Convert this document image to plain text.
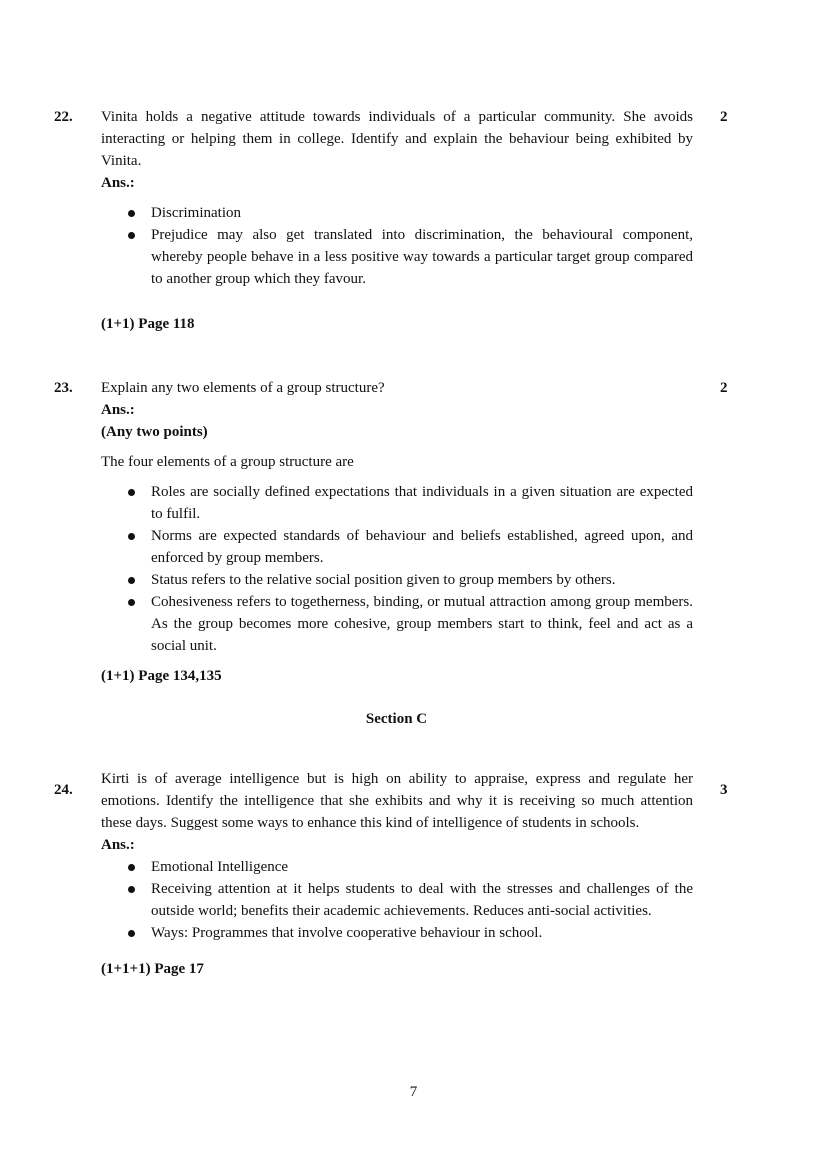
22.	2

Vinita holds a negative attitude towards individuals of a particular community. She avoids interacting or helping them in college. Identify and explain the behaviour being exhibited by Vinita.

Ans.:

Discrimination
Prejudice may also get translated into discrimination, the behavioural component, whereby people behave in a less positive way towards a particular target group compared to another group which they favour.

(1+1) Page 118

23.	2

Explain any two elements of a group structure?

Ans.:

(Any two points)

The four elements of a group structure are

Roles are socially defined expectations that individuals in a given situation are expected to fulfil.
Norms are expected standards of behaviour and beliefs established, agreed upon, and enforced by group members.
Status refers to the relative social position given to group members by others.
Cohesiveness refers to togetherness, binding, or mutual attraction among group members. As the group becomes more cohesive, group members start to think, feel and act as a social unit.

(1+1) Page 134,135

Section C
24.	3

Kirti is of average intelligence but is high on ability to appraise, express and regulate her emotions. Identify the intelligence that she exhibits and why it is receiving so much attention these days. Suggest some ways to enhance this kind of intelligence of students in schools.

Ans.:

Emotional Intelligence
Receiving attention at it helps students to deal with the stresses and challenges of the outside world; benefits their academic achievements. Reduces anti-social activities.
Ways: Programmes that involve cooperative behaviour in school.

(1+1+1) Page 17

7
